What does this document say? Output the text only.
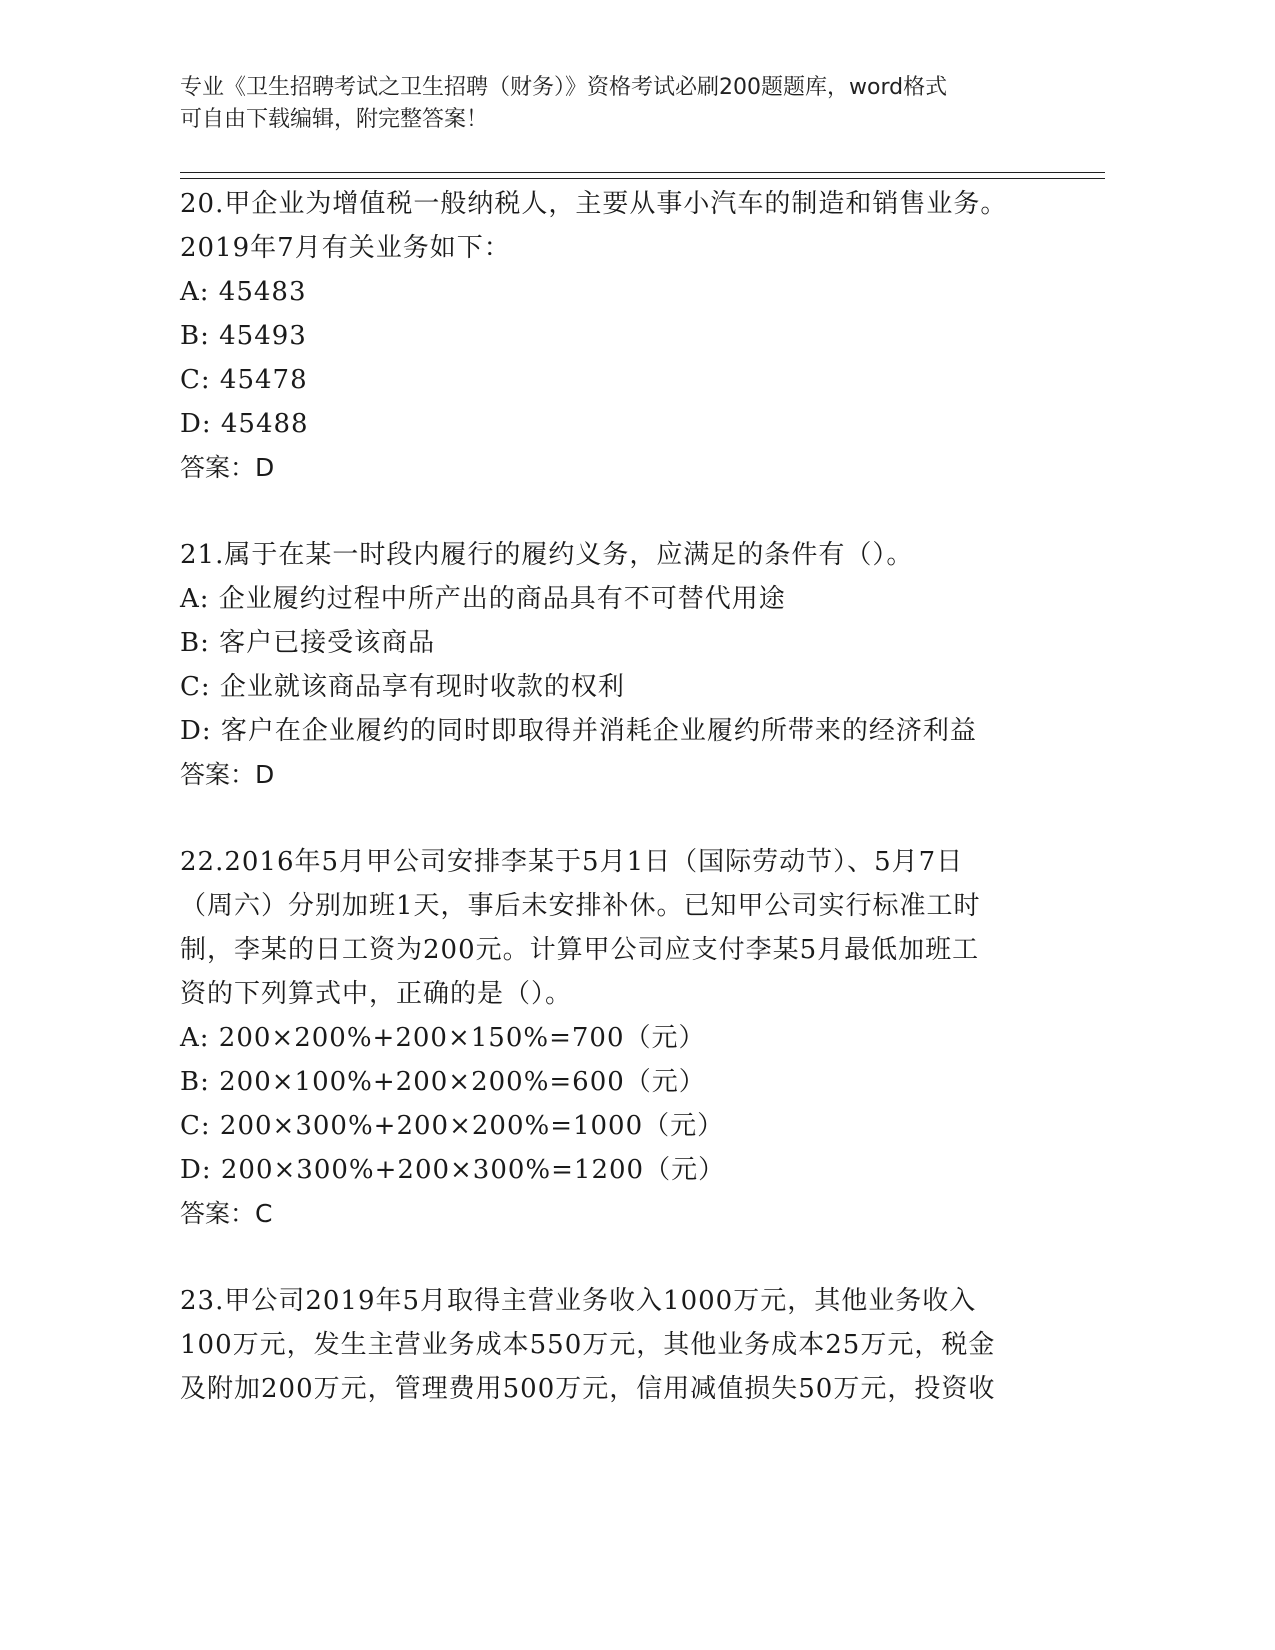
专业《卫生招聘考试之卫生招聘（财务）》资格考试必刷200题题库，word格式
可自由下载编辑，附完整答案！

20.甲企业为增值税一般纳税人，主要从事小汽车的制造和销售业务。

2019年7月有关业务如下：

A: 45483

B: 45493

C: 45478

D: 45488

答案：D

21.属于在某一时段内履行的履约义务，应满足的条件有（）。

A: 企业履约过程中所产出的商品具有不可替代用途

B: 客户已接受该商品

C: 企业就该商品享有现时收款的权利

D: 客户在企业履约的同时即取得并消耗企业履约所带来的经济利益

答案：D

22.2016年5月甲公司安排李某于5月1日（国际劳动节）、5月7日

（周六）分别加班1天，事后未安排补休。已知甲公司实行标准工时

制，李某的日工资为200元。计算甲公司应支付李某5月最低加班工

资的下列算式中，正确的是（）。

A: 200×200%+200×150%=700（元）

B: 200×100%+200×200%=600（元）

C: 200×300%+200×200%=1000（元）

D: 200×300%+200×300%=1200（元）

答案：C

23.甲公司2019年5月取得主营业务收入1000万元，其他业务收入

100万元，发生主营业务成本550万元，其他业务成本25万元，税金

及附加200万元，管理费用500万元，信用减值损失50万元，投资收
